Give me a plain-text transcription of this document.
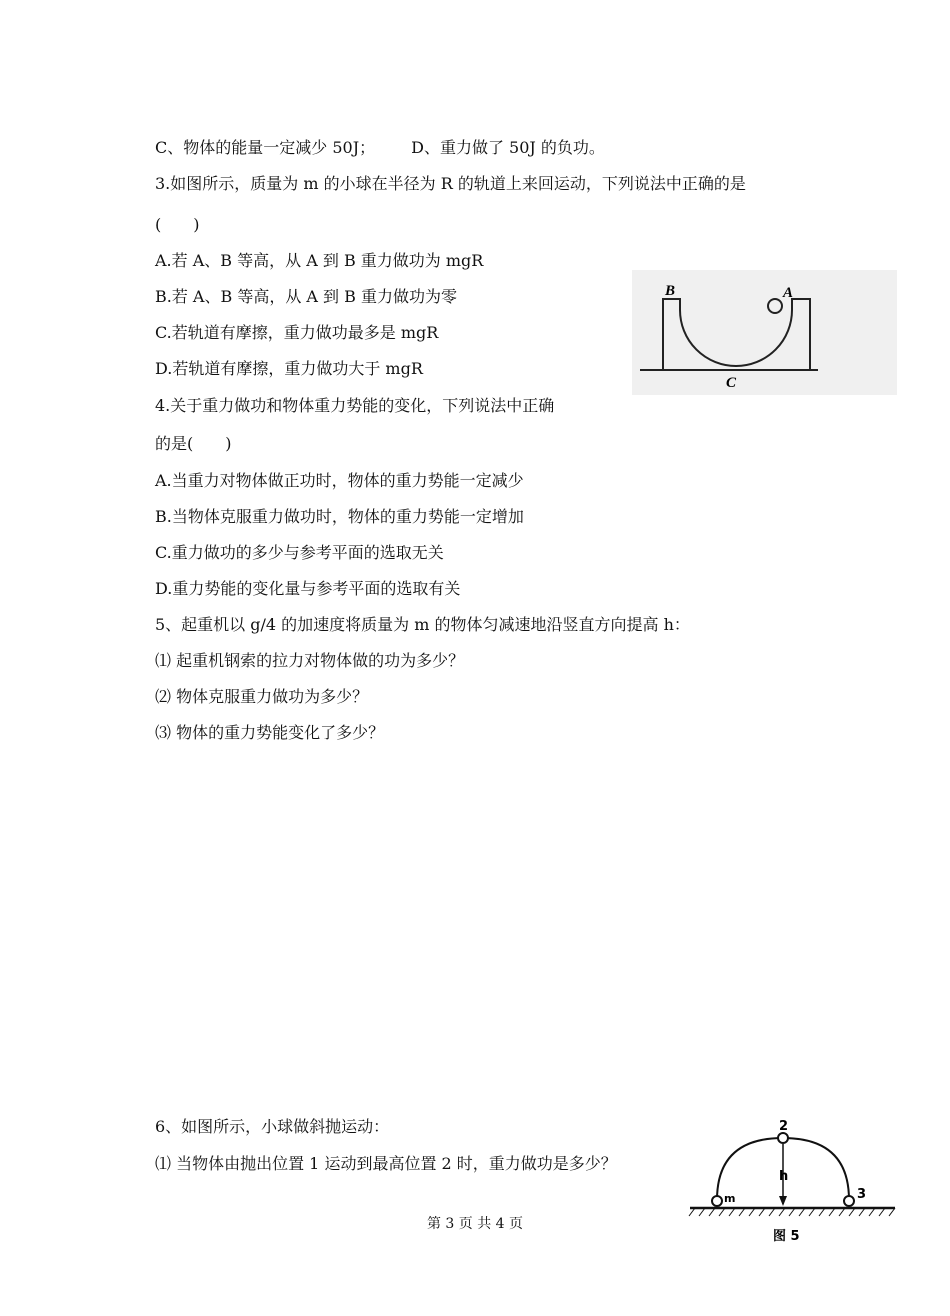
C、物体的能量一定减少 50J； D、重力做了 50J 的负功。
3.如图所示，质量为 m 的小球在半径为 R 的轨道上来回运动，下列说法中正确的是
(　　)
A.若 A、B 等高，从 A 到 B 重力做功为 mgR
B.若 A、B 等高，从 A 到 B 重力做功为零
C.若轨道有摩擦，重力做功最多是 mgR
D.若轨道有摩擦，重力做功大于 mgR
4.关于重力做功和物体重力势能的变化，下列说法中正确
的是(　　)
A.当重力对物体做正功时，物体的重力势能一定减少
B.当物体克服重力做功时，物体的重力势能一定增加
C.重力做功的多少与参考平面的选取无关
D.重力势能的变化量与参考平面的选取有关
5、起重机以 g/4 的加速度将质量为 m 的物体匀减速地沿竖直方向提高 h：
⑴ 起重机钢索的拉力对物体做的功为多少？
⑵ 物体克服重力做功为多少？
⑶ 物体的重力势能变化了多少？
6、如图所示，小球做斜抛运动：
⑴ 当物体由抛出位置 1 运动到最高位置 2 时，重力做功是多少？
B	A
C
2
h
m	3
图 5
第 3 页 共 4 页
